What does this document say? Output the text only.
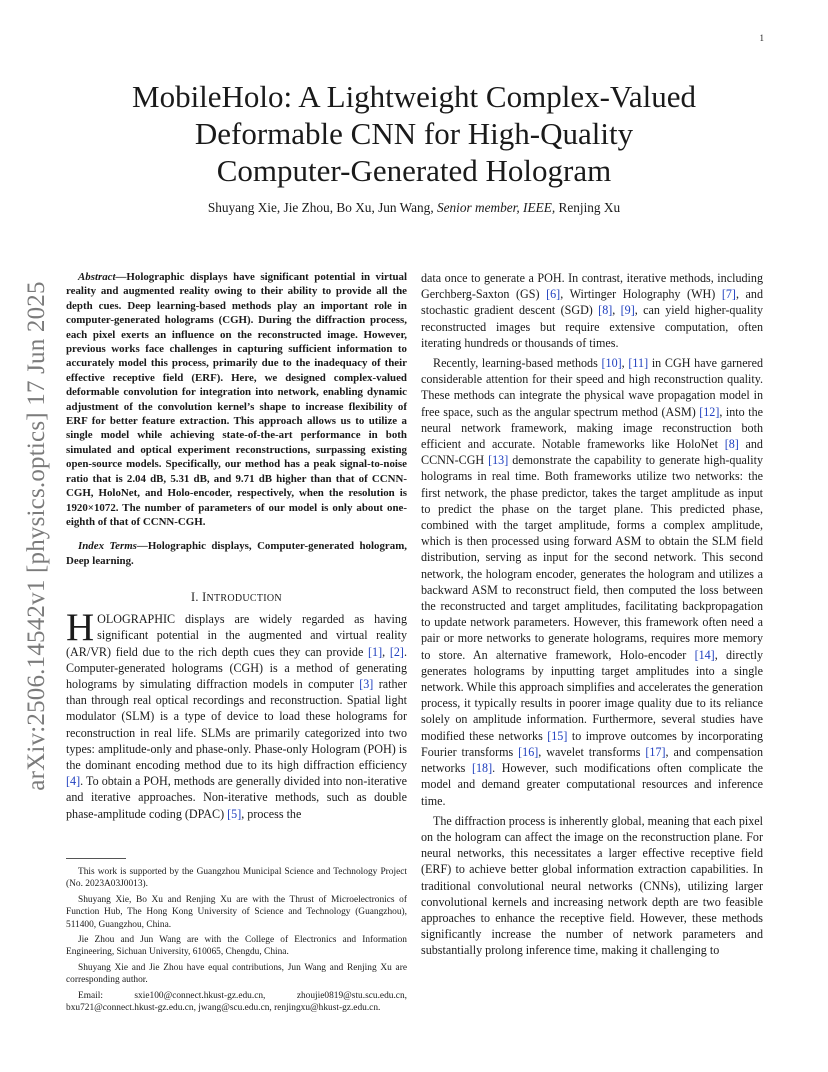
1
arXiv:2506.14542v1 [physics.optics] 17 Jun 2025
MobileHolo: A Lightweight Complex-Valued
Deformable CNN for High-Quality
Computer-Generated Hologram
Shuyang Xie, Jie Zhou, Bo Xu, Jun Wang, Senior member, IEEE, Renjing Xu

Abstract—Holographic displays have significant potential in virtual reality and augmented reality owing to their ability to provide all the depth cues. Deep learning-based methods play an important role in computer-generated holograms (CGH). During the diffraction process, each pixel exerts an influence on the reconstructed image. However, previous works face challenges in capturing sufficient information to accurately model this process, primarily due to the inadequacy of their effective receptive field (ERF). Here, we designed complex-valued deformable convolution for integration into network, enabling dynamic adjustment of the convolution kernel’s shape to increase flexibility of ERF for better feature extraction. This approach allows us to utilize a single model while achieving state-of-the-art performance in both simulated and optical experiment reconstructions, surpassing existing open-source models. Specifically, our method has a peak signal-to-noise ratio that is 2.04 dB, 5.31 dB, and 9.71 dB higher than that of CCNN-CGH, HoloNet, and Holo-encoder, respectively, when the resolution is 1920×1072. The number of parameters of our model is only about one-eighth of that of CCNN-CGH.

Index Terms—Holographic displays, Computer-generated hologram, Deep learning.

I. INTRODUCTION

HOLOGRAPHIC displays are widely regarded as having significant potential in the augmented and virtual reality (AR/VR) field due to the rich depth cues they can provide [1], [2]. Computer-generated holograms (CGH) is a method of generating holograms by simulating diffraction models in computer [3] rather than through real optical recordings and reconstruction. Spatial light modulator (SLM) is a type of device to load these holograms for reconstruction in real life. SLMs are primarily categorized into two types: amplitude-only and phase-only. Phase-only Hologram (POH) is the dominant encoding method due to its high diffraction efficiency [4]. To obtain a POH, methods are generally divided into non-iterative and iterative approaches. Non-iterative methods, such as double phase-amplitude coding (DPAC) [5], process the

data once to generate a POH. In contrast, iterative methods, including Gerchberg-Saxton (GS) [6], Wirtinger Holography (WH) [7], and stochastic gradient descent (SGD) [8], [9], can yield higher-quality reconstructed images but require extensive computation, often iterating hundreds or thousands of times.

Recently, learning-based methods [10], [11] in CGH have garnered considerable attention for their speed and high reconstruction quality. These methods can integrate the physical wave propagation model in free space, such as the angular spectrum method (ASM) [12], into the neural network framework, making image reconstruction both efficient and accurate. Notable frameworks like HoloNet [8] and CCNN-CGH [13] demonstrate the capability to generate high-quality holograms in real time. Both frameworks utilize two networks: the first network, the phase predictor, takes the target amplitude as input to predict the phase on the target plane. This predicted phase, combined with the target amplitude, forms a complex amplitude, which is then processed using forward ASM to obtain the SLM field distribution, serving as input for the second network. This second network, the hologram encoder, generates the hologram and utilizes a backward ASM to reconstruct field, then computed the loss between the reconstructed and target amplitudes, facilitating backpropagation to update network parameters. However, this framework often need a pair or more networks to generate holograms, requires more memory to store. An alternative framework, Holo-encoder [14], directly generates holograms by inputting target amplitudes into a single network. While this approach simplifies and accelerates the generation process, it typically results in poorer image quality due to its reliance solely on amplitude information. Furthermore, several studies have modified these networks [15] to improve outcomes by incorporating Fourier transforms [16], wavelet transforms [17], and compensation networks [18]. However, such modifications often complicate the model and demand greater computational resources and inference time.

The diffraction process is inherently global, meaning that each pixel on the hologram can affect the image on the reconstruction plane. For neural networks, this necessitates a larger effective receptive field (ERF) to achieve better global information extraction capabilities. In traditional convolutional neural networks (CNNs), utilizing larger convolutional kernels and increasing network depth are two feasible approaches to enhance the receptive field. However, these methods significantly increase the number of network parameters and substantially prolong inference time, making it challenging to

This work is supported by the Guangzhou Municipal Science and Technology Project (No. 2023A03J0013).

Shuyang Xie, Bo Xu and Renjing Xu are with the Thrust of Microelectronics of Function Hub, The Hong Kong University of Science and Technology (Guangzhou), 511400, Guangzhou, China.

Jie Zhou and Jun Wang are with the College of Electronics and Information Engineering, Sichuan University, 610065, Chengdu, China.

Shuyang Xie and Jie Zhou have equal contributions, Jun Wang and Renjing Xu are corresponding author.

Email: sxie100@connect.hkust-gz.edu.cn, zhoujie0819@stu.scu.edu.cn, bxu721@connect.hkust-gz.edu.cn, jwang@scu.edu.cn, renjingxu@hkust-gz.edu.cn.
